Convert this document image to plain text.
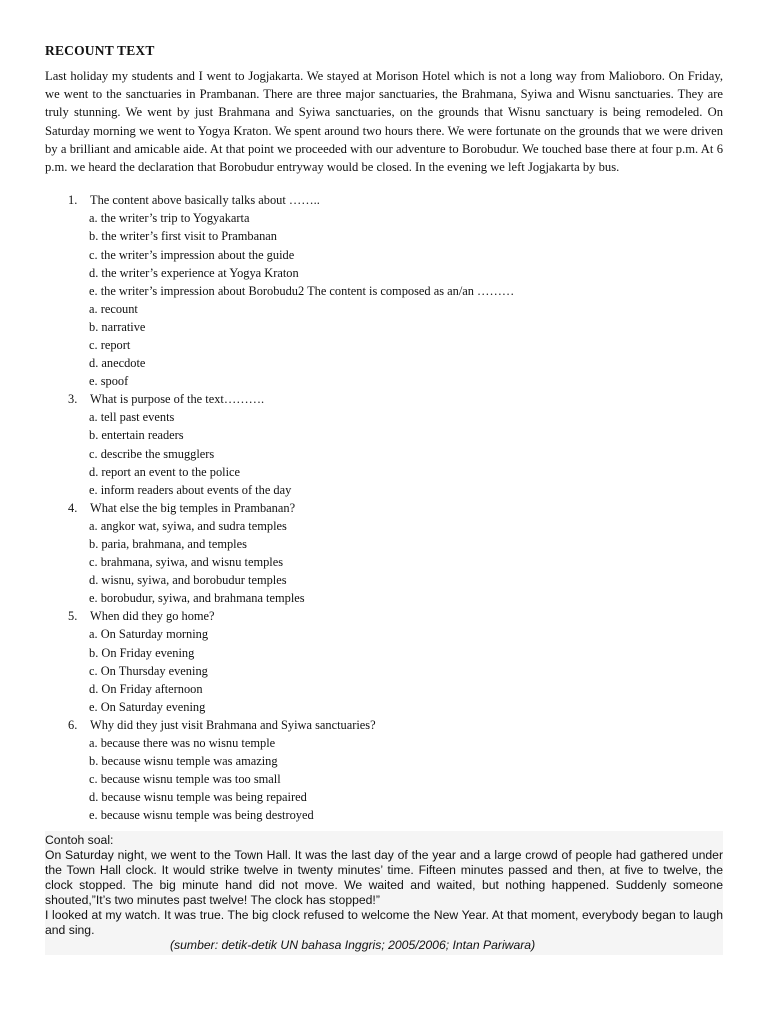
RECOUNT TEXT

Last holiday my students and I went to Jogjakarta. We stayed at Morison Hotel which is not a long way from Malioboro. On Friday, we went to the sanctuaries in Prambanan. There are three major sanctuaries, the Brahmana, Syiwa and Wisnu sanctuaries. They are truly stunning. We went by just Brahmana and Syiwa sanctuaries, on the grounds that Wisnu sanctuary is being remodeled. On Saturday morning we went to Yogya Kraton. We spent around two hours there. We were fortunate on the grounds that we were driven by a brilliant and amicable aide. At that point we proceeded with our adventure to Borobudur. We touched base there at four p.m. At 6 p.m. we heard the declaration that Borobudur entryway would be closed. In the evening we left Jogjakarta by bus.

1.	The content above basically talks about ……..
a. the writer’s trip to Yogyakarta
b. the writer’s first visit to Prambanan
c. the writer’s impression about the guide
d. the writer’s experience at Yogya Kraton
e. the writer’s impression about Borobudu2 The content is composed as an/an ………
a. recount
b. narrative
c. report
d. anecdote
e. spoof
3.	What is purpose of the text……….
a. tell past events
b. entertain readers
c. describe the smugglers
d. report an event to the police
e. inform readers about events of the day
4.	What else the big temples in Prambanan?
a. angkor wat, syiwa, and sudra temples
b. paria, brahmana, and temples
c. brahmana, syiwa, and wisnu temples
d. wisnu, syiwa, and borobudur temples
e. borobudur, syiwa, and brahmana temples
5.	When did they go home?
a. On Saturday morning
b. On Friday evening
c. On Thursday evening
d. On Friday afternoon
e. On Saturday evening
6.	Why did they just visit Brahmana and Syiwa sanctuaries?
a. because there was no wisnu temple
b. because wisnu temple was amazing
c. because wisnu temple was too small
d. because wisnu temple was being repaired
e. because wisnu temple was being destroyed

Contoh soal:

On Saturday night, we went to the Town Hall. It was the last day of the year and a large crowd of people had gathered under the Town Hall clock. It would strike twelve in twenty minutes’ time. Fifteen minutes passed and then, at five to twelve, the clock stopped. The big minute hand did not move. We waited and waited, but nothing happened. Suddenly someone shouted,”It’s two minutes past twelve! The clock has stopped!”

I looked at my watch. It was true. The big clock refused to welcome the New Year. At that moment, everybody began to laugh and sing.

(sumber: detik-detik UN bahasa Inggris; 2005/2006; Intan Pariwara)
